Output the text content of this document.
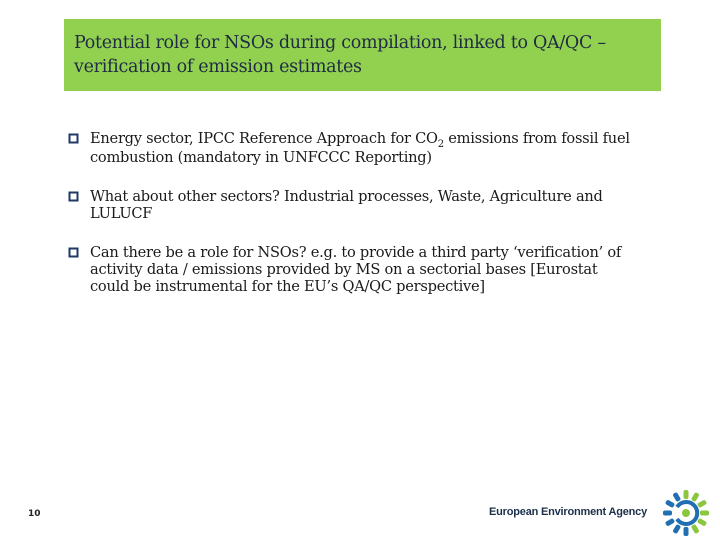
Potential role for NSOs during compilation, linked to QA/QC –
verification of emission estimates
Energy sector, IPCC Reference Approach for $CO_2$ emissions from fossil fuel
combustion (mandatory in UNFCCC Reporting)
What about other sectors? Industrial processes, Waste, Agriculture and
LULUCF
Can there be a role for NSOs? e.g. to provide a third party ‘verification’ of
activity data / emissions provided by MS on a sectorial bases [Eurostat
could be instrumental for the EU’s QA/QC perspective]
10	European Environment Agency
